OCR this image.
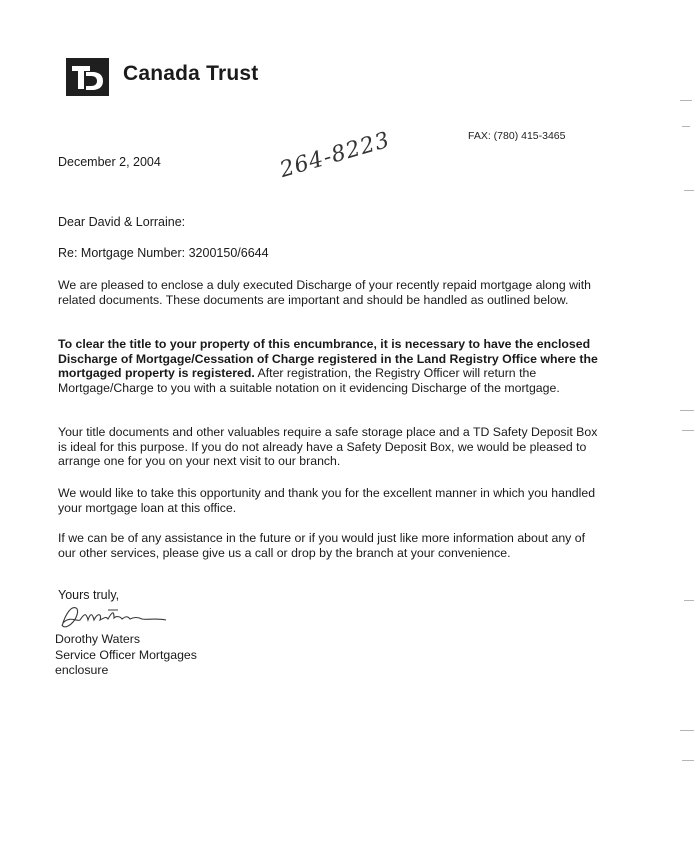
Canada Trust
FAX: (780) 415-3465
December 2, 2004	264-8223
Dear David & Lorraine:
Re: Mortgage Number: 3200150/6644

We are pleased to enclose a duly executed Discharge of your recently repaid mortgage along with related documents. These documents are important and should be handled as outlined below.

To clear the title to your property of this encumbrance, it is necessary to have the enclosed Discharge of Mortgage/Cessation of Charge registered in the Land Registry Office where the mortgaged property is registered. After registration, the Registry Officer will return the Mortgage/Charge to you with a suitable notation on it evidencing Discharge of the mortgage.

Your title documents and other valuables require a safe storage place and a TD Safety Deposit Box is ideal for this purpose. If you do not already have a Safety Deposit Box, we would be pleased to arrange one for you on your next visit to our branch.

We would like to take this opportunity and thank you for the excellent manner in which you handled your mortgage loan at this office.

If we can be of any assistance in the future or if you would just like more information about any of our other services, please give us a call or drop by the branch at your convenience.

Yours truly,
Dorothy Waters
Service Officer Mortgages
enclosure
